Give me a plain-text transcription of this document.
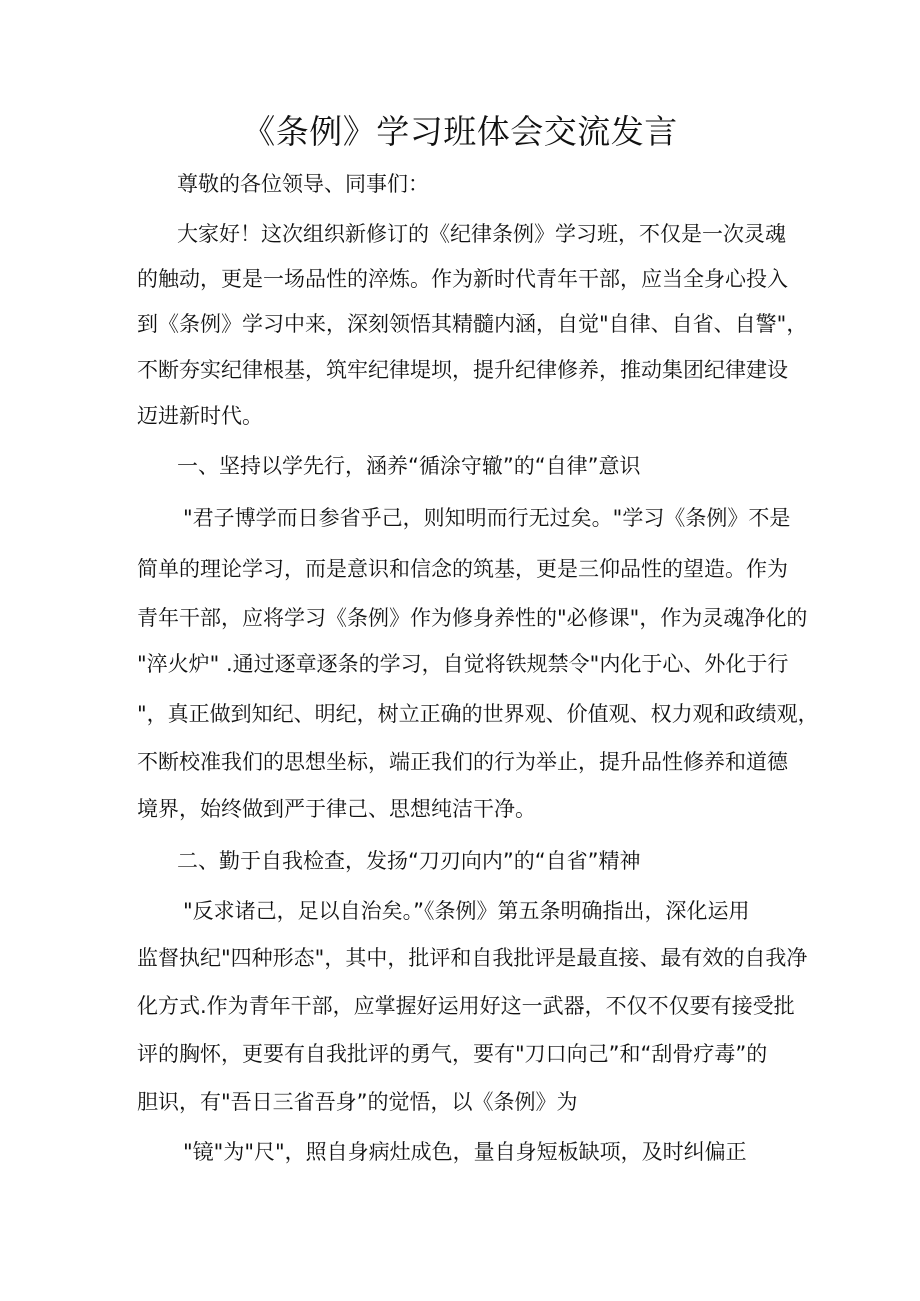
《条例》学习班体会交流发言

尊敬的各位领导、同事们：

大家好！这次组织新修订的《纪律条例》学习班，不仅是一次灵魂

的触动，更是一场品性的淬炼。作为新时代青年干部，应当全身心投入

到《条例》学习中来，深刻领悟其精髓内涵，自觉"自律、自省、自警"，

不断夯实纪律根基，筑牢纪律堤坝，提升纪律修养，推动集团纪律建设

迈进新时代。

一、坚持以学先行，涵养“循涂守辙”的“自律”意识

"君子博学而日参省乎己，则知明而行无过矣。"学习《条例》不是

简单的理论学习，而是意识和信念的筑基，更是三仰品性的望造。作为

青年干部，应将学习《条例》作为修身养性的"必修课"，作为灵魂净化的

"淬火炉" .通过逐章逐条的学习，自觉将铁规禁令"内化于心、外化于行

"，真正做到知纪、明纪，树立正确的世界观、价值观、权力观和政绩观，

不断校准我们的思想坐标，端正我们的行为举止，提升品性修养和道德

境界，始终做到严于律己、思想纯洁干净。

二、勤于自我检查，发扬“刀刃向内”的“自省”精神

"反求诸己，足以自治矣。”《条例》第五条明确指出，深化运用

监督执纪"四种形态"，其中，批评和自我批评是最直接、最有效的自我净

化方式.作为青年干部，应掌握好运用好这一武器，不仅不仅要有接受批

评的胸怀，更要有自我批评的勇气，要有"刀口向己”和“刮骨疗毒”的

胆识，有"吾日三省吾身”的觉悟，以《条例》为

"镜"为"尺"，照自身病灶成色，量自身短板缺项，及时纠偏正
